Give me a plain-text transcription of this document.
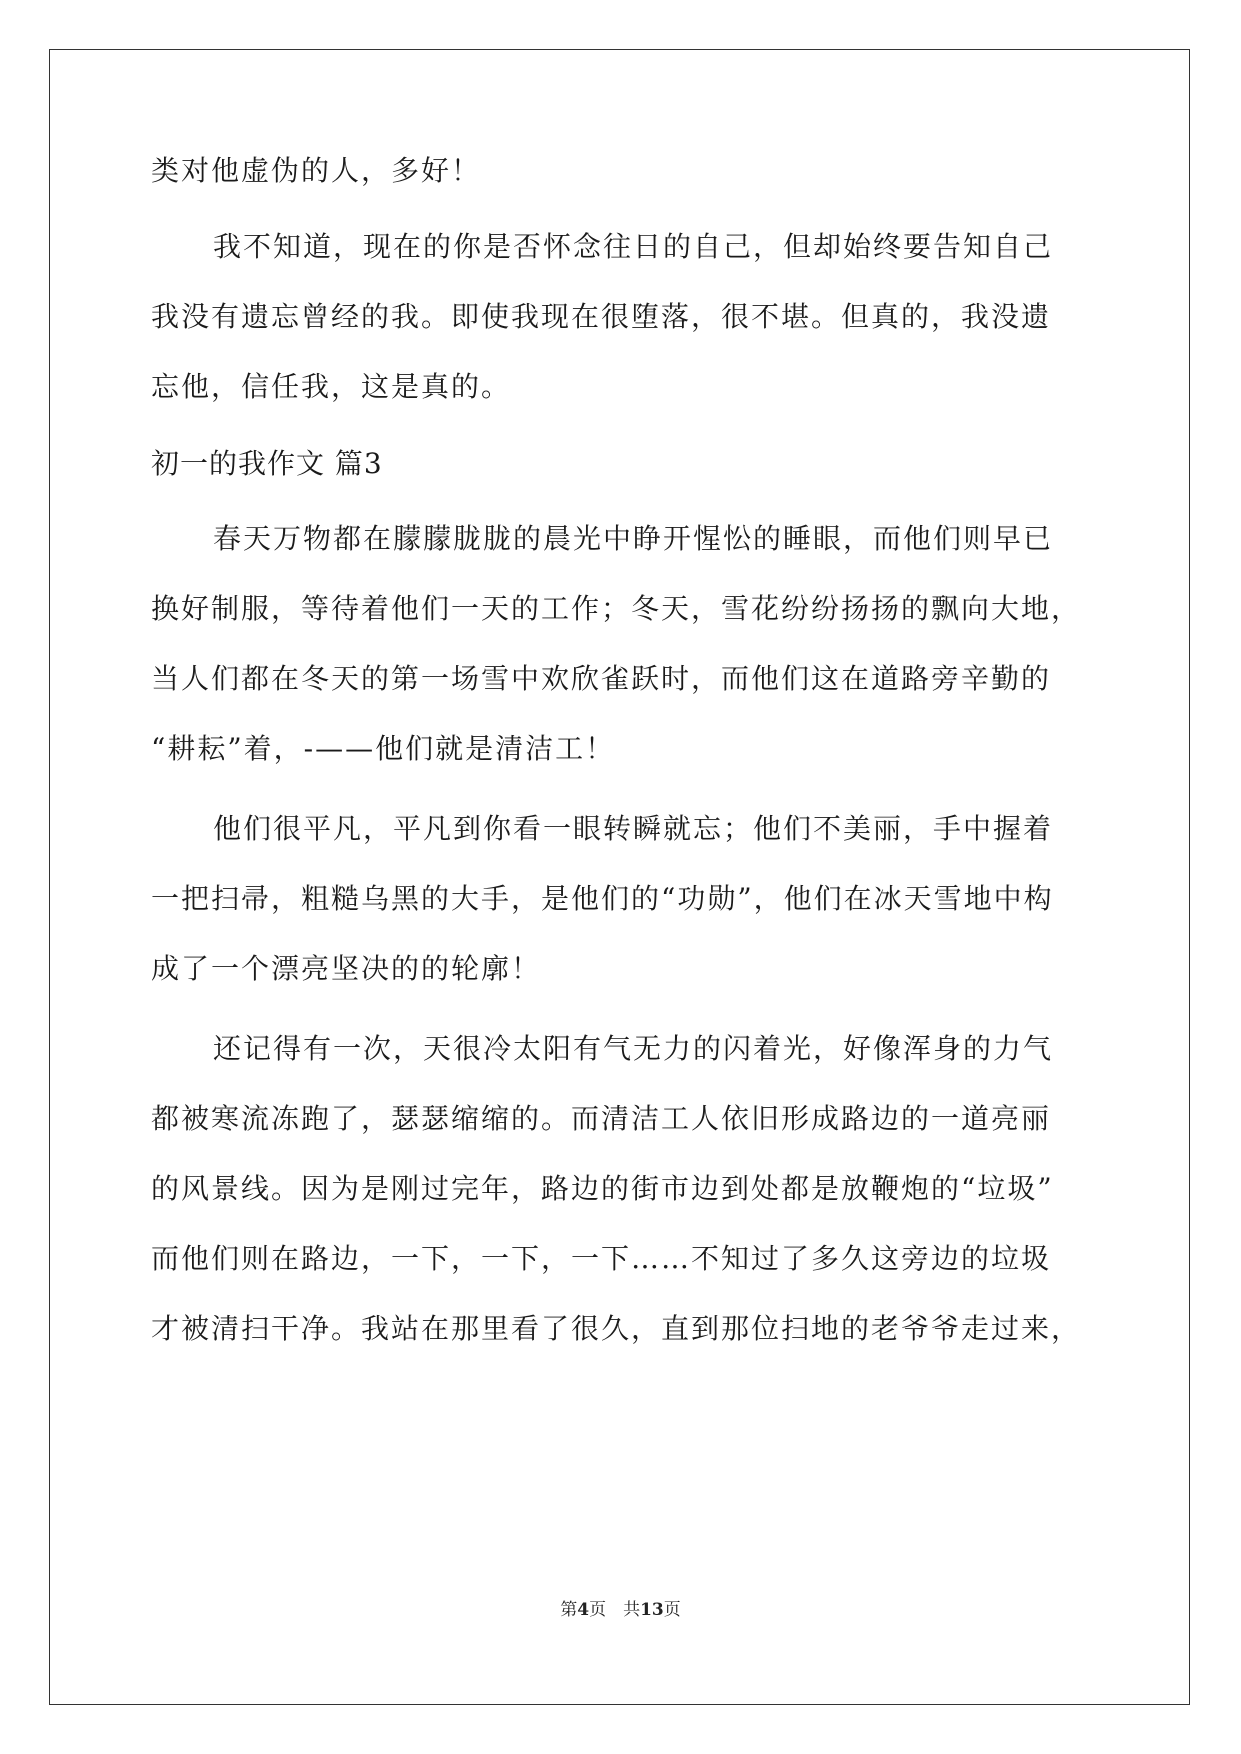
类对他虚伪的人，多好！
我不知道，现在的你是否怀念往日的自己，但却始终要告知自己
我没有遗忘曾经的我。即使我现在很堕落，很不堪。但真的，我没遗
忘他，信任我，这是真的。
初一的我作文 篇3
春天万物都在朦朦胧胧的晨光中睁开惺忪的睡眼，而他们则早已
换好制服，等待着他们一天的工作；冬天，雪花纷纷扬扬的飘向大地，
当人们都在冬天的第一场雪中欢欣雀跃时，而他们这在道路旁辛勤的
“耕耘”着，-——他们就是清洁工！
他们很平凡，平凡到你看一眼转瞬就忘；他们不美丽，手中握着
一把扫帚，粗糙乌黑的大手，是他们的“功勋”，他们在冰天雪地中构
成了一个漂亮坚决的的轮廓！
还记得有一次，天很冷太阳有气无力的闪着光，好像浑身的力气
都被寒流冻跑了，瑟瑟缩缩的。而清洁工人依旧形成路边的一道亮丽
的风景线。因为是刚过完年，路边的街市边到处都是放鞭炮的“垃圾”
而他们则在路边，一下，一下，一下……不知过了多久这旁边的垃圾
才被清扫干净。我站在那里看了很久，直到那位扫地的老爷爷走过来，
第4页　共13页
